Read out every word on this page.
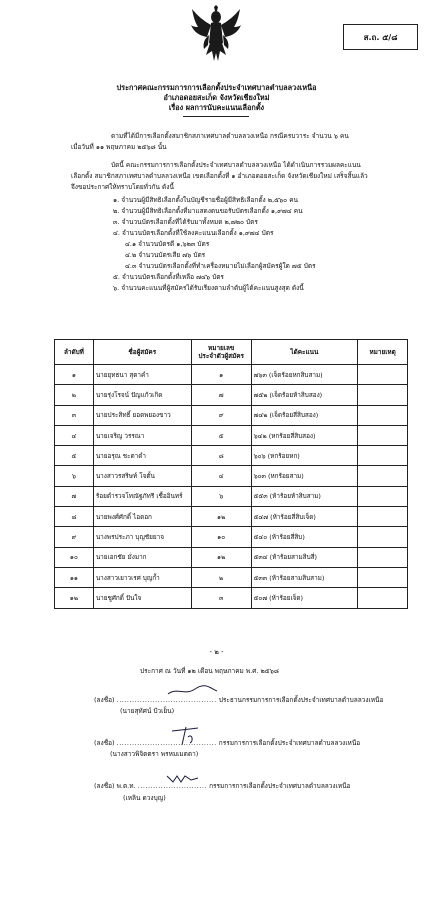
ส.ถ. ๕/๘
ประกาศคณะกรรมการการเลือกตั้งประจำเทศบาลตำบลลวงเหนือ
อำเภอดอยสะเก็ด จังหวัดเชียงใหม่
เรื่อง ผลการนับคะแนนเลือกตั้ง
ตามที่ได้มีการเลือกตั้งสมาชิกสภาเทศบาลตำบลลวงเหนือ กรณีครบวาระ จำนวน ๖ คน
เมื่อวันที่ ๑๑ พฤษภาคม ๒๕๖๘ นั้น
บัดนี้ คณะกรรมการการเลือกตั้งประจำเทศบาลตำบลลวงเหนือ ได้ดำเนินการรวมผลคะแนน
เลือกตั้ง สมาชิกสภาเทศบาลตำบลลวงเหนือ เขตเลือกตั้งที่ ๑ อำเภอดอยสะเก็ด จังหวัดเชียงใหม่ เสร็จสิ้นแล้ว
จึงขอประกาศให้ทราบโดยทั่วกัน ดังนี้
๑. จำนวนผู้มีสิทธิเลือกตั้งในบัญชีรายชื่อผู้มีสิทธิเลือกตั้ง ๒,๕๖๐ คน
๒. จำนวนผู้มีสิทธิเลือกตั้งที่มาแสดงตนขอรับบัตรเลือกตั้ง ๑,๙๗๔ คน
๓. จำนวนบัตรเลือกตั้งที่ได้รับมาทั้งหมด ๒,๗๒๐ บัตร
๔. จำนวนบัตรเลือกตั้งที่ใช้ลงคะแนนเลือกตั้ง ๑,๙๗๔ บัตร
๔.๑ จำนวนบัตรดี ๑,๖๒๓ บัตร
๔.๒ จำนวนบัตรเสีย ๗๖ บัตร
๔.๓ จำนวนบัตรเลือกตั้งที่ทำเครื่องหมายไม่เลือกผู้สมัครผู้ใด ๗๕ บัตร
๕. จำนวนบัตรเลือกตั้งที่เหลือ ๗๔๖ บัตร
๖. จำนวนคะแนนที่ผู้สมัครได้รับเรียงตามลำดับผู้ได้คะแนนสูงสุด ดังนี้
ลำดับที่	ชื่อผู้สมัคร	หมายเลข
ประจำตัวผู้สมัคร	ได้คะแนน	หมายเหตุ
๑	นายยุทธนา สุตาคำ	๑	๗๖๓ (เจ็ดร้อยหกสิบสาม)	
๒	นายรุ่งโรจน์ ปัญแก้วเกิด	๗	๗๕๒ (เจ็ดร้อยห้าสิบสอง)	
๓	นายประสิทธิ์ ยอดพยองขาว	๙	๗๔๒ (เจ็ดร้อยสี่สิบสอง)	
๔	นายเจริญ วรรณา	๕	๖๔๒ (หกร้อยสี่สิบสอง)	
๕	นายอรุณ ชะตาดำ	๘	๖๐๖ (หกร้อยหก)	
๖	นางสาวรสริษท์ โจตั้น	๔	๖๐๓ (หกร้อยสาม)	
๗	ร้อยตำรวจโทณัฐภัทรี เชื้ออินทร์	๖	๕๕๓ (ห้าร้อยห้าสิบสาม)	
๘	นายพงศ์ศักดิ์ ไอดอก	๑๒	๕๔๗ (ห้าร้อยสี่สิบเจ็ด)	
๙	นางพรประภา บุญชัยยาจ	๑๐	๕๔๐ (ห้าร้อยสี่สิบ)	
๑๐	นายเอกชัย มั่งมาก	๑๒	๕๓๔ (ห้าร้อยสามสิบสี่)	
๑๑	นางสาวเยาวเรศ บุญก้ำ	๒	๕๓๓ (ห้าร้อยสามสิบสาม)	
๑๒	นายชูศักดิ์ ปันใจ	๓	๕๐๗ (ห้าร้อยเจ็ด)	
- ๒ -
ประกาศ ณ วันที่ ๑๒ เดือน พฤษภาคม พ.ศ. ๒๕๖๘
(ลงชื่อ) ....................................... ประธานกรรมการการเลือกตั้งประจำเทศบาลตำบลลวงเหนือ
(นายสุทัศน์ ปัวเย็น)
(ลงชื่อ) ....................................... กรรมการการเลือกตั้งประจำเทศบาลตำบลลวงเหนือ
(นางสาวพิจิตตรา พรหมเมตตา)
(ลงชื่อ) พ.ต.ท. ........................... กรรมการการเลือกตั้งประจำเทศบาลตำบลลวงเหนือ
(เหลิน ดวงบุญ)
